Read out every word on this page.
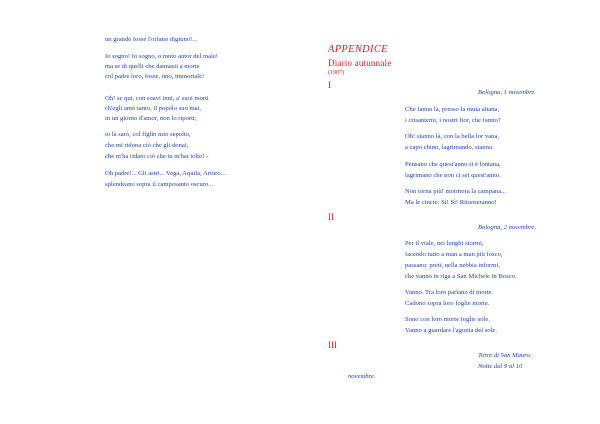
un grande fosse l'orfano digiuno!...
Io sogno! Io sogno, o muto autor del male!
ma se di quelli che dannasti a morte
col padre loro, fosse, uno, immortale!
Oh! se qui, con soavi inni, a' suoi morti
ch'egli amò tanto, il popolo suo mai,
in un giorno d'amor, non lo riporti;
io là sarò, col figlio mio sepolto,
che mi ridona ciò che gli donai,
che m'ha ridato ciò che tu m'hai tolto! -
Oh padre!... Gli astri... Vega, Aquila, Arturo...
splendeano sopra il camposanto oscuro...
APPENDICE
Diario autunnale
(1907)
I
Bologna, 1 novembre.
Che fanno là, presso la muta altana,
i crisantemi, i nostri fior, che fanno?
Oh! stanno là, con la bella lor vana,
a capo chino, lagrimando, stanno.
Pensano che quest'anno si è lontana,
lagrimano che non ci sei quest'anno.
Non torna più! mormora la campana...
Ma le cincie: Sì! Sì! Ritorneranno!
II
Bologna, 2 novembre.
Per il viale, nei lunghi stormi,
facendo tutto a man a man più fosco,
passano: preti, nella nebbia informi,
che vanno in riga a San Michele in Bosco.
Vanno. Tra loro parlano di morte.
Cadono sopra loro foglie morte.
Sono con loro morte foglie sole.
Vanno a guardare l'agonia del sole.
III
Torre di San Mauro.
Notte dal 9 al 10
novembre.
